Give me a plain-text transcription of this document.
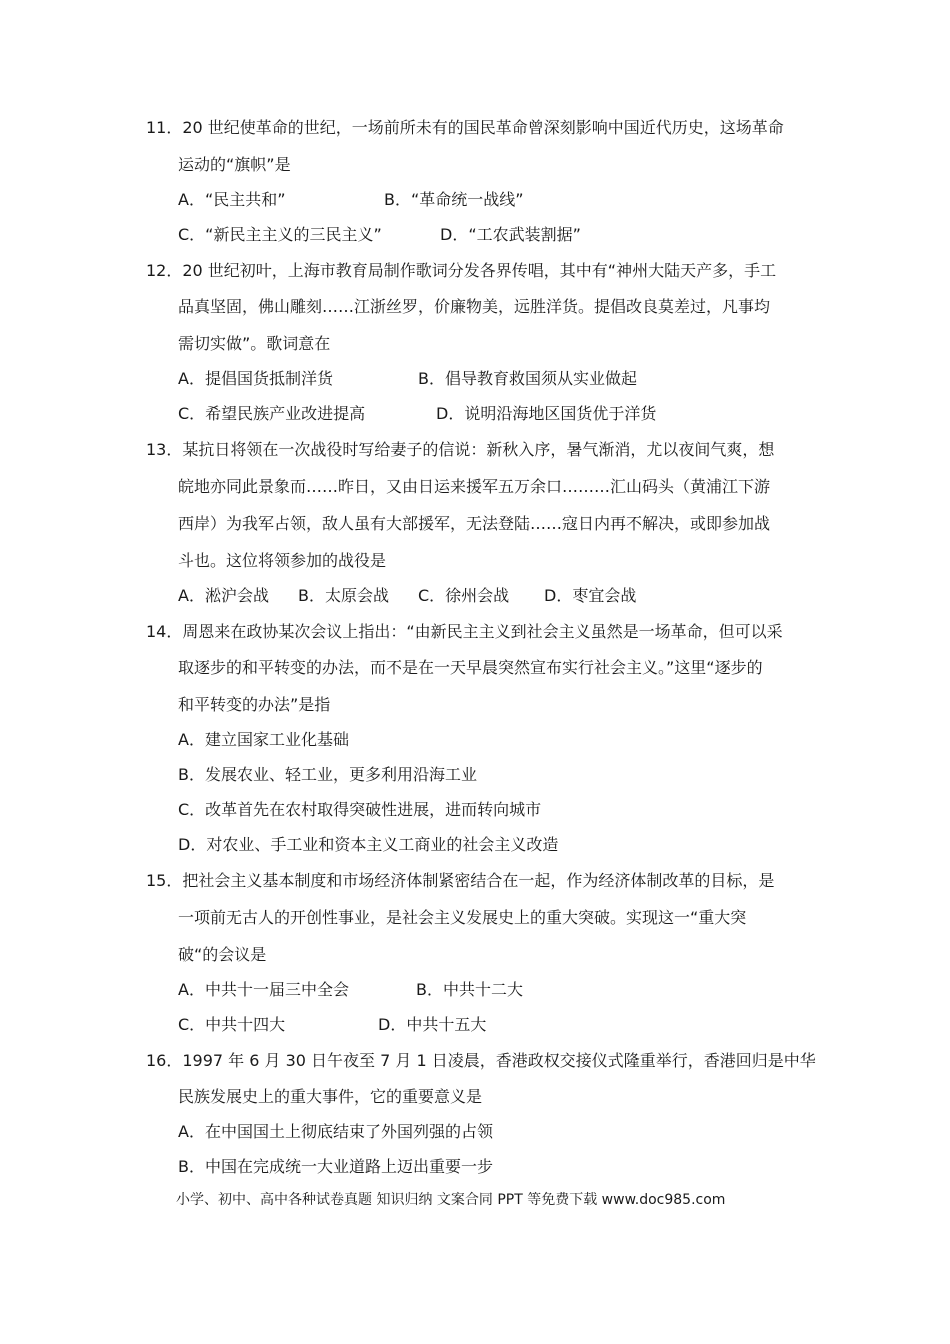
11．20 世纪使革命的世纪，一场前所未有的国民革命曾深刻影响中国近代历史，这场革命
运动的“旗帜”是
A．“民主共和”	B．“革命统一战线”
C．“新民主主义的三民主义”	D．“工农武装割据”
12．20 世纪初叶，上海市教育局制作歌词分发各界传唱，其中有“神州大陆天产多，手工
品真坚固，佛山雕刻……江浙丝罗，价廉物美，远胜洋货。提倡改良莫差过，凡事均
需切实做”。歌词意在
A．提倡国货抵制洋货	B．倡导教育救国须从实业做起
C．希望民族产业改进提高	D．说明沿海地区国货优于洋货
13．某抗日将领在一次战役时写给妻子的信说：新秋入序，暑气渐消，尤以夜间气爽，想
皖地亦同此景象而……昨日，又由日运来援军五万余口………汇山码头（黄浦江下游
西岸）为我军占领，敌人虽有大部援军，无法登陆……寇日内再不解决，或即参加战
斗也。这位将领参加的战役是
A．淞沪会战 B．太原会战 C．徐州会战 D．枣宜会战
14．周恩来在政协某次会议上指出：“由新民主主义到社会主义虽然是一场革命，但可以采
取逐步的和平转变的办法，而不是在一天早晨突然宣布实行社会主义。”这里“逐步的
和平转变的办法”是指
A．建立国家工业化基础
B．发展农业、轻工业，更多利用沿海工业
C．改革首先在农村取得突破性进展，进而转向城市
D．对农业、手工业和资本主义工商业的社会主义改造
15．把社会主义基本制度和市场经济体制紧密结合在一起，作为经济体制改革的目标，是
一项前无古人的开创性事业，是社会主义发展史上的重大突破。实现这一“重大突
破“的会议是
A．中共十一届三中全会	B．中共十二大
C．中共十四大	D．中共十五大
16．1997 年 6 月 30 日午夜至 7 月 1 日凌晨，香港政权交接仪式隆重举行，香港回归是中华
民族发展史上的重大事件，它的重要意义是
A．在中国国土上彻底结束了外国列强的占领
B．中国在完成统一大业道路上迈出重要一步
小学、初中、高中各种试卷真题 知识归纳 文案合同 PPT 等免费下载 www.doc985.com
